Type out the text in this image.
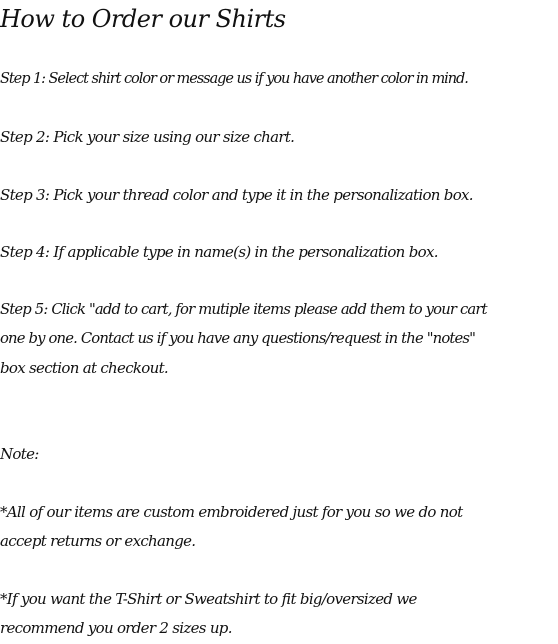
How to Order our Shirts
Step 1: Select shirt color or message us if you have another color in mind.
Step 2: Pick your size using our size chart.
Step 3: Pick your thread color and type it in the personalization box.
Step 4: If applicable type in name(s) in the personalization box.
Step 5: Click "add to cart, for mutiple items please add them to your cart
one by one. Contact us if you have any questions/request in the "notes"
box section at checkout.
Note:
*All of our items are custom embroidered just for you so we do not
accept returns or exchange.
*If you want the T-Shirt or Sweatshirt to fit big/oversized we
recommend you order 2 sizes up.
